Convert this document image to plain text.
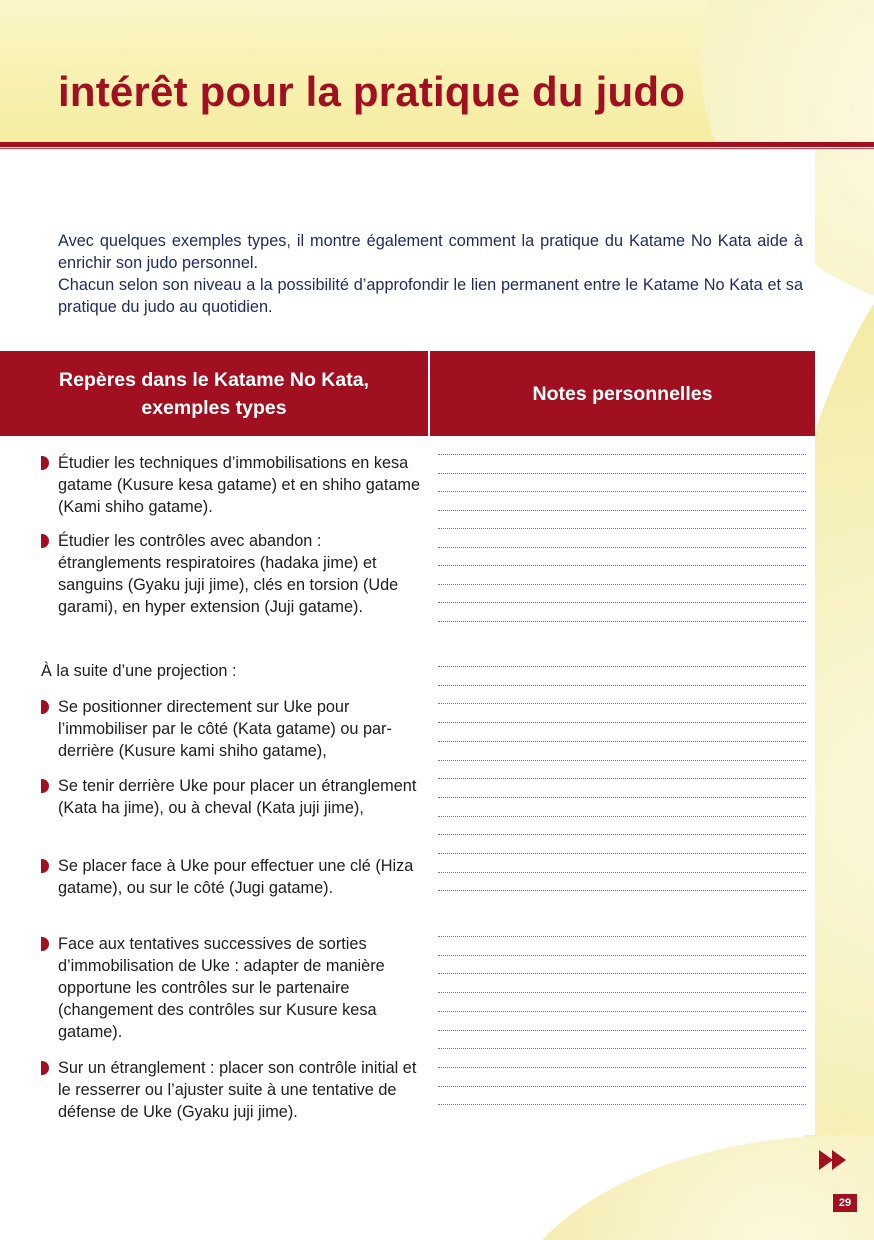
intérêt pour la pratique du judo

Avec quelques exemples types, il montre également comment la pratique du Katame No Kata aide à enrichir son judo personnel.

Chacun selon son niveau a la possibilité d’approfondir le lien permanent entre le Katame No Kata et sa pratique du judo au quotidien.

Repères dans le Katame No Kata, exemples types
Notes personnelles
Étudier les techniques d’immobilisations en kesa gatame (Kusure kesa gatame) et en shiho gatame (Kami shiho gatame).
Étudier les contrôles avec abandon : étranglements respiratoires (hadaka jime) et sanguins (Gyaku juji jime), clés en torsion (Ude garami), en hyper extension (Juji gatame).
À la suite d’une projection :
Se positionner directement sur Uke pour l’immobiliser par le côté (Kata gatame) ou par-derrière (Kusure kami shiho gatame),
Se tenir derrière Uke pour placer un étranglement (Kata ha jime), ou à cheval (Kata juji jime),
Se placer face à Uke pour effectuer une clé (Hiza gatame), ou sur le côté (Jugi gatame).
Face aux tentatives successives de sorties d’immobilisation de Uke : adapter de manière opportune les contrôles sur le partenaire (changement des contrôles sur Kusure kesa gatame).
Sur un étranglement : placer son contrôle initial et le resserrer ou l’ajuster suite à une tentative de défense de Uke (Gyaku juji jime).
29
